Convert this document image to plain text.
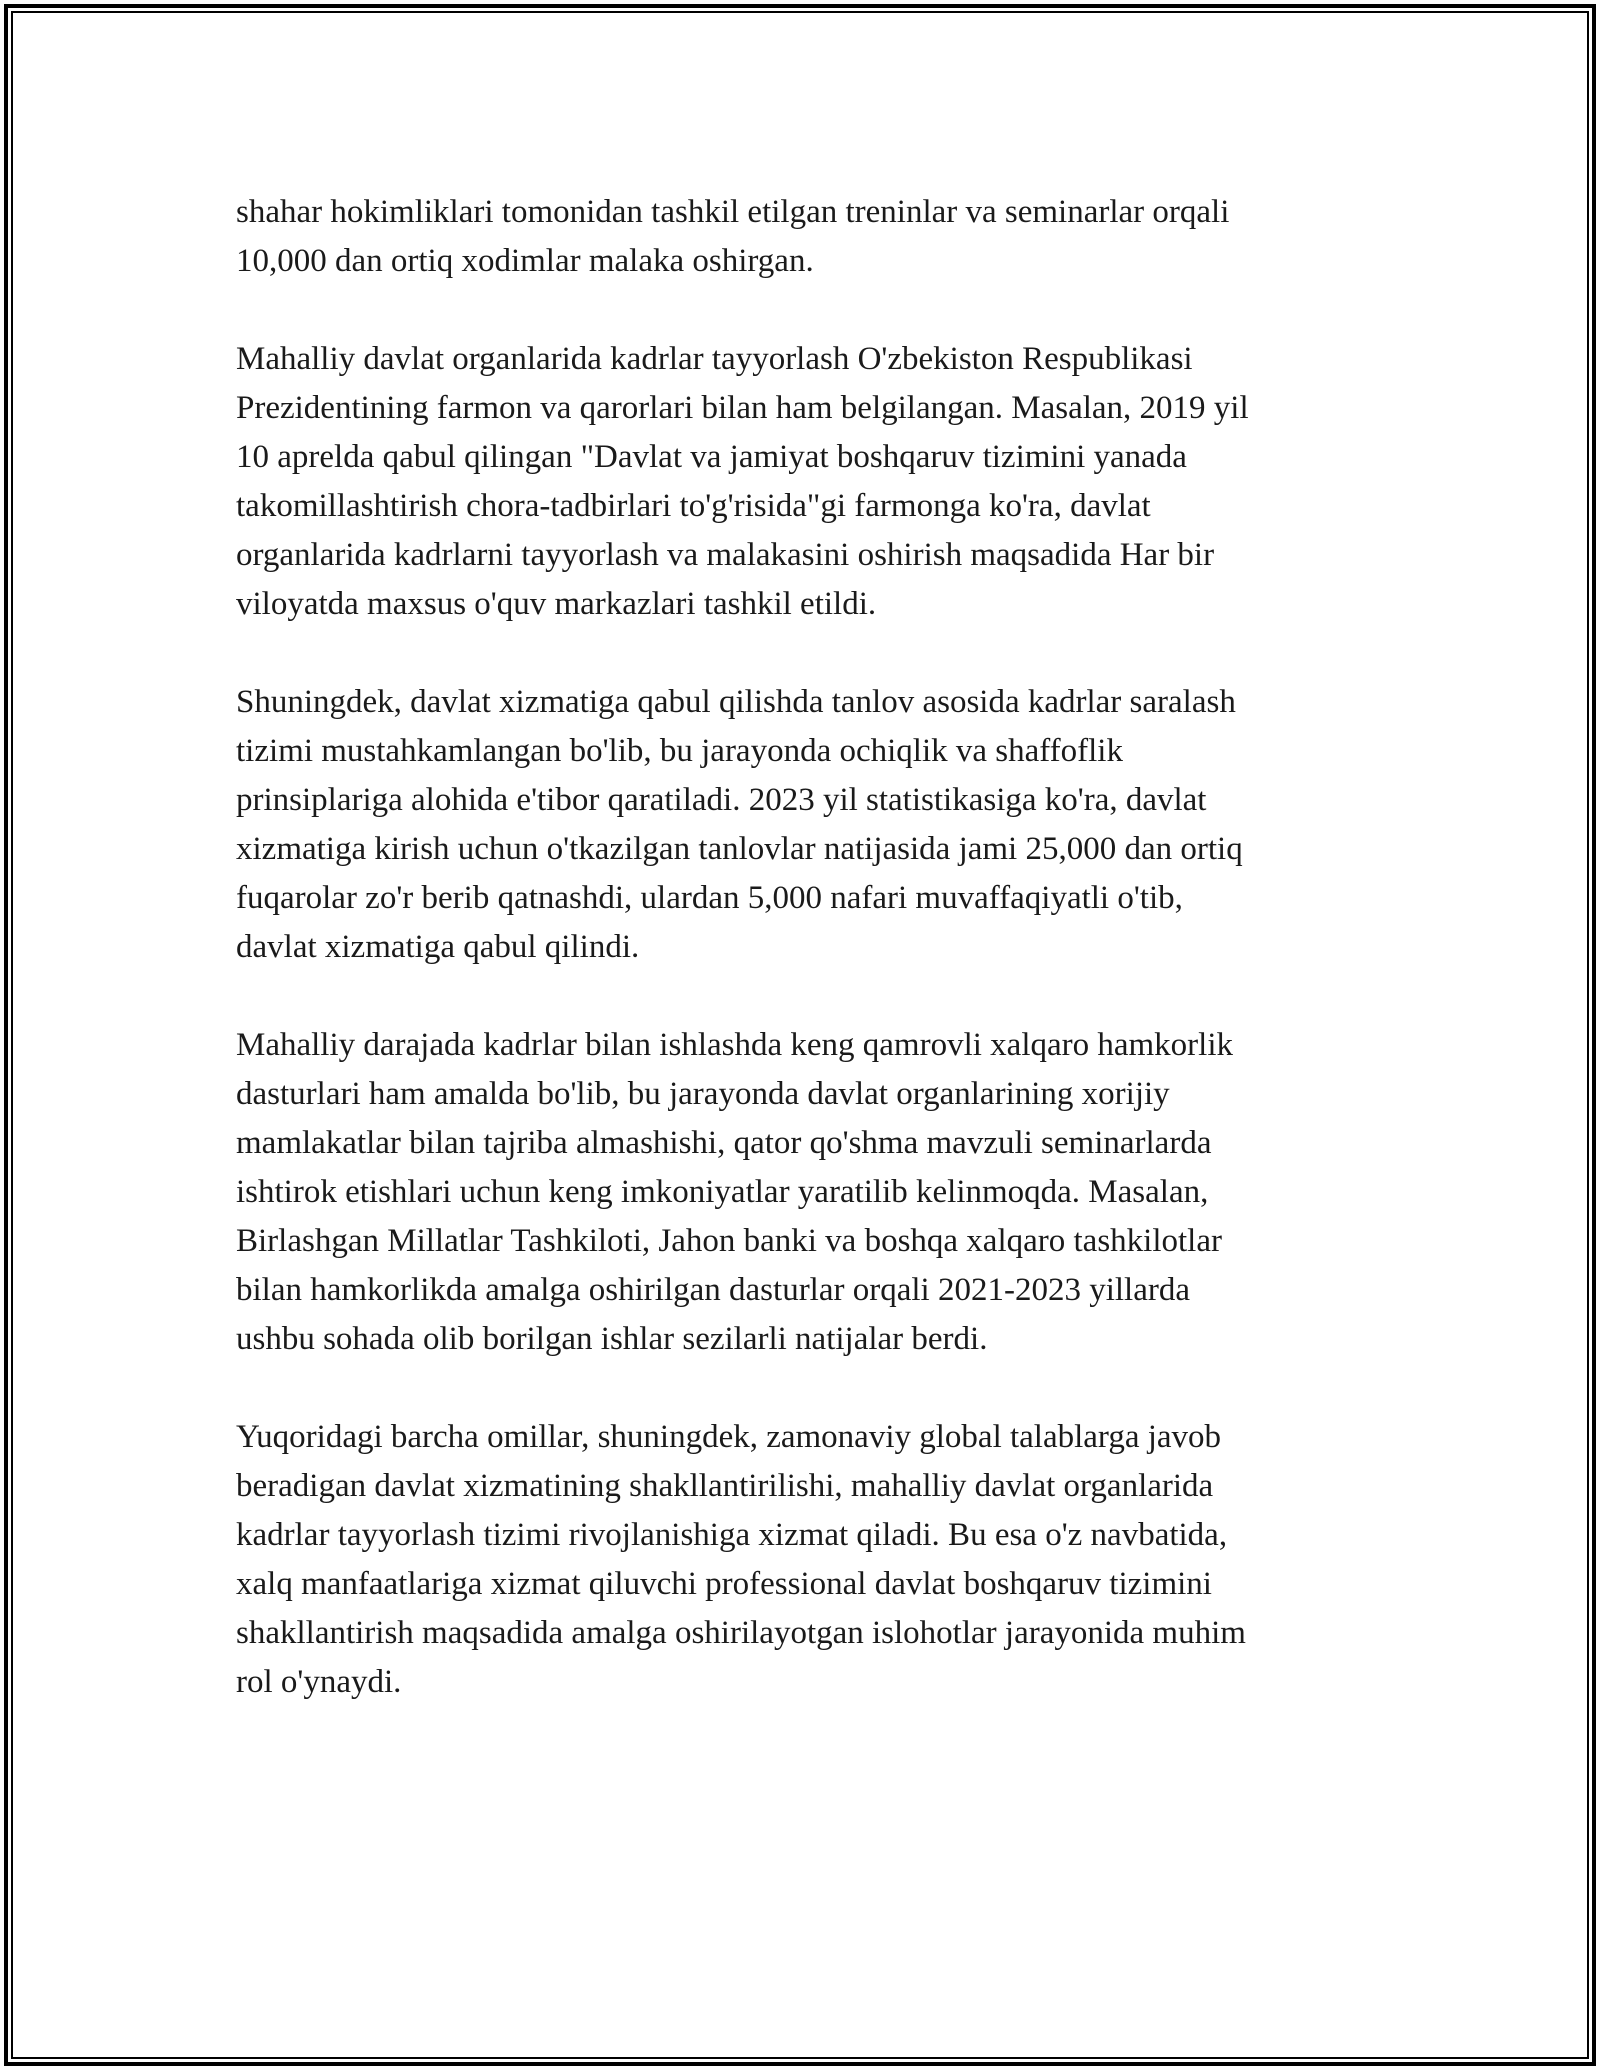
shahar hokimliklari tomonidan tashkil etilgan treninlar va seminarlar orqali
10,000 dan ortiq xodimlar malaka oshirgan.

Mahalliy davlat organlarida kadrlar tayyorlash O'zbekiston Respublikasi
Prezidentining farmon va qarorlari bilan ham belgilangan. Masalan, 2019 yil
10 aprelda qabul qilingan "Davlat va jamiyat boshqaruv tizimini yanada
takomillashtirish chora-tadbirlari to'g'risida"gi farmonga ko'ra, davlat
organlarida kadrlarni tayyorlash va malakasini oshirish maqsadida Har bir
viloyatda maxsus o'quv markazlari tashkil etildi.

Shuningdek, davlat xizmatiga qabul qilishda tanlov asosida kadrlar saralash
tizimi mustahkamlangan bo'lib, bu jarayonda ochiqlik va shaffoflik
prinsiplariga alohida e'tibor qaratiladi. 2023 yil statistikasiga ko'ra, davlat
xizmatiga kirish uchun o'tkazilgan tanlovlar natijasida jami 25,000 dan ortiq
fuqarolar zo'r berib qatnashdi, ulardan 5,000 nafari muvaffaqiyatli o'tib,
davlat xizmatiga qabul qilindi.

Mahalliy darajada kadrlar bilan ishlashda keng qamrovli xalqaro hamkorlik
dasturlari ham amalda bo'lib, bu jarayonda davlat organlarining xorijiy
mamlakatlar bilan tajriba almashishi, qator qo'shma mavzuli seminarlarda
ishtirok etishlari uchun keng imkoniyatlar yaratilib kelinmoqda. Masalan,
Birlashgan Millatlar Tashkiloti, Jahon banki va boshqa xalqaro tashkilotlar
bilan hamkorlikda amalga oshirilgan dasturlar orqali 2021-2023 yillarda
ushbu sohada olib borilgan ishlar sezilarli natijalar berdi.

Yuqoridagi barcha omillar, shuningdek, zamonaviy global talablarga javob
beradigan davlat xizmatining shakllantirilishi, mahalliy davlat organlarida
kadrlar tayyorlash tizimi rivojlanishiga xizmat qiladi. Bu esa o'z navbatida,
xalq manfaatlariga xizmat qiluvchi professional davlat boshqaruv tizimini
shakllantirish maqsadida amalga oshirilayotgan islohotlar jarayonida muhim
rol o'ynaydi.
